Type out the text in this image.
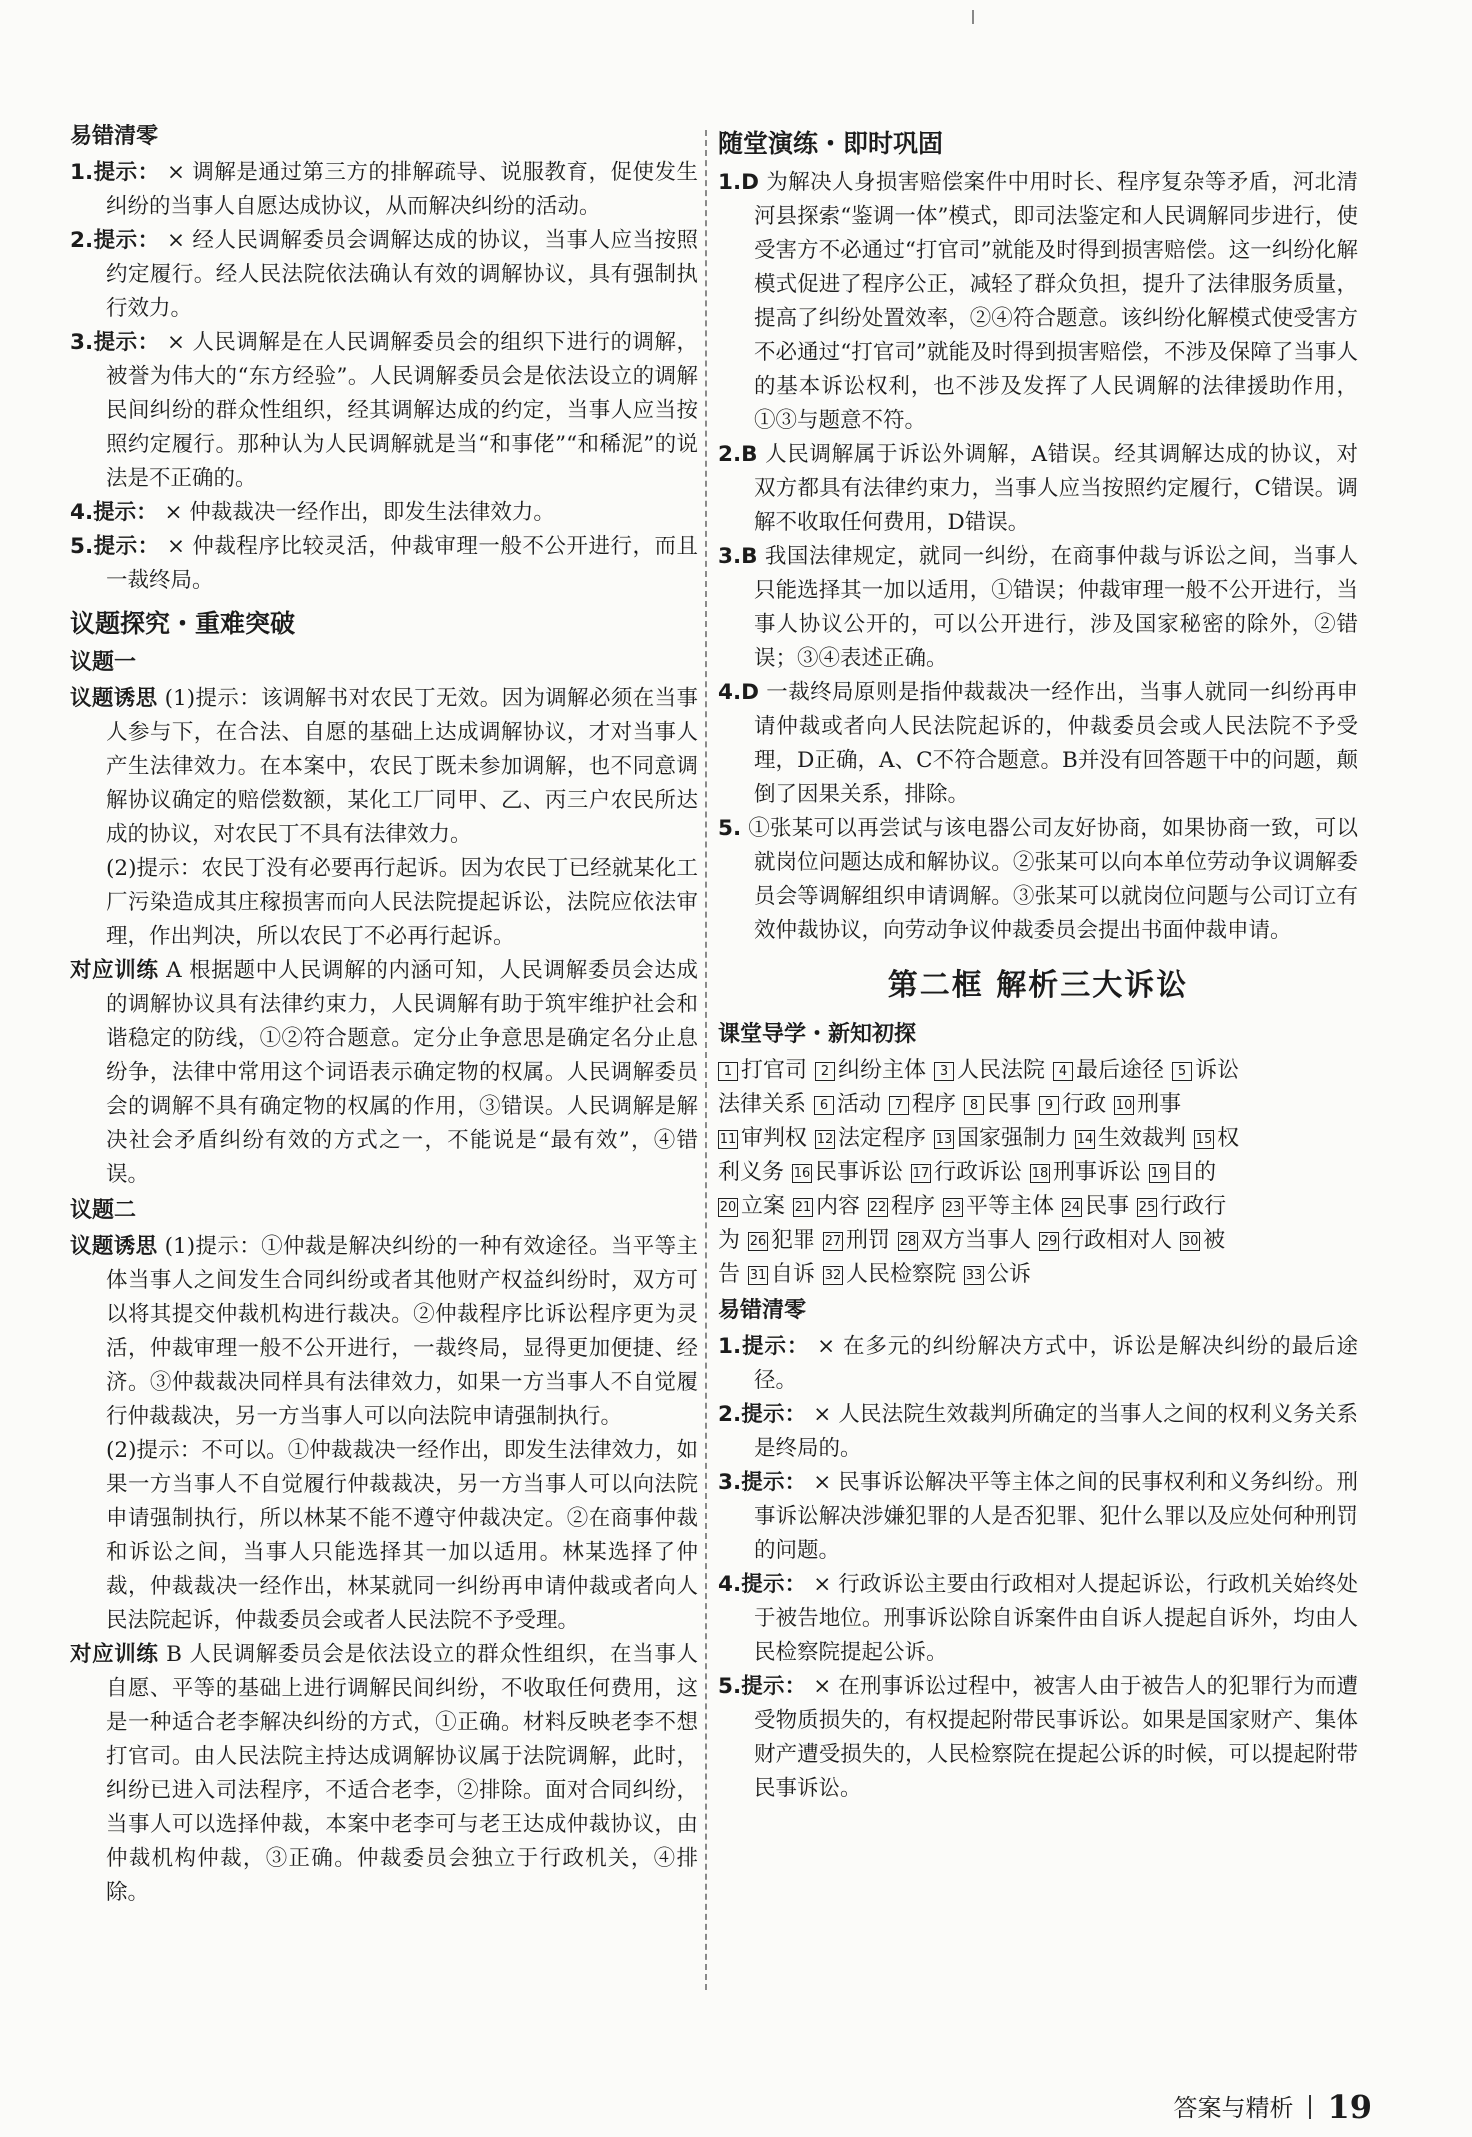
易错清零

1.提示： × 调解是通过第三方的排解疏导、说服教育，促使发生纠纷的当事人自愿达成协议，从而解决纠纷的活动。

2.提示： × 经人民调解委员会调解达成的协议，当事人应当按照约定履行。经人民法院依法确认有效的调解协议，具有强制执行效力。

3.提示： × 人民调解是在人民调解委员会的组织下进行的调解，被誉为伟大的“东方经验”。人民调解委员会是依法设立的调解民间纠纷的群众性组织，经其调解达成的约定，当事人应当按照约定履行。那种认为人民调解就是当“和事佬”“和稀泥”的说法是不正确的。

4.提示： × 仲裁裁决一经作出，即发生法律效力。

5.提示： × 仲裁程序比较灵活，仲裁审理一般不公开进行，而且一裁终局。

议题探究・重难突破
议题一

议题诱思 (1)提示：该调解书对农民丁无效。因为调解必须在当事人参与下，在合法、自愿的基础上达成调解协议，才对当事人产生法律效力。在本案中，农民丁既未参加调解，也不同意调解协议确定的赔偿数额，某化工厂同甲、乙、丙三户农民所达成的协议，对农民丁不具有法律效力。

(2)提示：农民丁没有必要再行起诉。因为农民丁已经就某化工厂污染造成其庄稼损害而向人民法院提起诉讼，法院应依法审理，作出判决，所以农民丁不必再行起诉。

对应训练 A 根据题中人民调解的内涵可知，人民调解委员会达成的调解协议具有法律约束力，人民调解有助于筑牢维护社会和谐稳定的防线，①②符合题意。定分止争意思是确定名分止息纷争，法律中常用这个词语表示确定物的权属。人民调解委员会的调解不具有确定物的权属的作用，③错误。人民调解是解决社会矛盾纠纷有效的方式之一，不能说是“最有效”，④错误。

议题二

议题诱思 (1)提示：①仲裁是解决纠纷的一种有效途径。当平等主体当事人之间发生合同纠纷或者其他财产权益纠纷时，双方可以将其提交仲裁机构进行裁决。②仲裁程序比诉讼程序更为灵活，仲裁审理一般不公开进行，一裁终局，显得更加便捷、经济。③仲裁裁决同样具有法律效力，如果一方当事人不自觉履行仲裁裁决，另一方当事人可以向法院申请强制执行。

(2)提示：不可以。①仲裁裁决一经作出，即发生法律效力，如果一方当事人不自觉履行仲裁裁决，另一方当事人可以向法院申请强制执行，所以林某不能不遵守仲裁决定。②在商事仲裁和诉讼之间，当事人只能选择其一加以适用。林某选择了仲裁，仲裁裁决一经作出，林某就同一纠纷再申请仲裁或者向人民法院起诉，仲裁委员会或者人民法院不予受理。

对应训练 B 人民调解委员会是依法设立的群众性组织，在当事人自愿、平等的基础上进行调解民间纠纷，不收取任何费用，这是一种适合老李解决纠纷的方式，①正确。材料反映老李不想打官司。由人民法院主持达成调解协议属于法院调解，此时，纠纷已进入司法程序，不适合老李，②排除。面对合同纠纷，当事人可以选择仲裁，本案中老李可与老王达成仲裁协议，由仲裁机构仲裁，③正确。仲裁委员会独立于行政机关，④排除。

随堂演练・即时巩固

1.D 为解决人身损害赔偿案件中用时长、程序复杂等矛盾，河北清河县探索“鉴调一体”模式，即司法鉴定和人民调解同步进行，使受害方不必通过“打官司”就能及时得到损害赔偿。这一纠纷化解模式促进了程序公正，减轻了群众负担，提升了法律服务质量，提高了纠纷处置效率，②④符合题意。该纠纷化解模式使受害方不必通过“打官司”就能及时得到损害赔偿，不涉及保障了当事人的基本诉讼权利，也不涉及发挥了人民调解的法律援助作用，①③与题意不符。

2.B 人民调解属于诉讼外调解，A错误。经其调解达成的协议，对双方都具有法律约束力，当事人应当按照约定履行，C错误。调解不收取任何费用，D错误。

3.B 我国法律规定，就同一纠纷，在商事仲裁与诉讼之间，当事人只能选择其一加以适用，①错误；仲裁审理一般不公开进行，当事人协议公开的，可以公开进行，涉及国家秘密的除外，②错误；③④表述正确。

4.D 一裁终局原则是指仲裁裁决一经作出，当事人就同一纠纷再申请仲裁或者向人民法院起诉的，仲裁委员会或人民法院不予受理，D正确，A、C不符合题意。B并没有回答题干中的问题，颠倒了因果关系，排除。

5. ①张某可以再尝试与该电器公司友好协商，如果协商一致，可以就岗位问题达成和解协议。②张某可以向本单位劳动争议调解委员会等调解组织申请调解。③张某可以就岗位问题与公司订立有效仲裁协议，向劳动争议仲裁委员会提出书面仲裁申请。

第二框 解析三大诉讼
课堂导学・新知初探
1 打官司 2 纠纷主体 3 人民法院 4 最后途径 5 诉讼
法律关系 6 活动 7 程序 8 民事 9 行政 10 刑事
11 审判权 12 法定程序 13 国家强制力 14 生效裁判 15 权
利义务 16 民事诉讼 17 行政诉讼 18 刑事诉讼 19 目的
20 立案 21 内容 22 程序 23 平等主体 24 民事 25 行政行
为 26 犯罪 27 刑罚 28 双方当事人 29 行政相对人 30 被
告 31 自诉 32 人民检察院 33 公诉
易错清零

1.提示： × 在多元的纠纷解决方式中，诉讼是解决纠纷的最后途径。

2.提示： × 人民法院生效裁判所确定的当事人之间的权利义务关系是终局的。

3.提示： × 民事诉讼解决平等主体之间的民事权利和义务纠纷。刑事诉讼解决涉嫌犯罪的人是否犯罪、犯什么罪以及应处何种刑罚的问题。

4.提示： × 行政诉讼主要由行政相对人提起诉讼，行政机关始终处于被告地位。刑事诉讼除自诉案件由自诉人提起自诉外，均由人民检察院提起公诉。

5.提示： × 在刑事诉讼过程中，被害人由于被告人的犯罪行为而遭受物质损失的，有权提起附带民事诉讼。如果是国家财产、集体财产遭受损失的，人民检察院在提起公诉的时候，可以提起附带民事诉讼。

答案与精析 19
